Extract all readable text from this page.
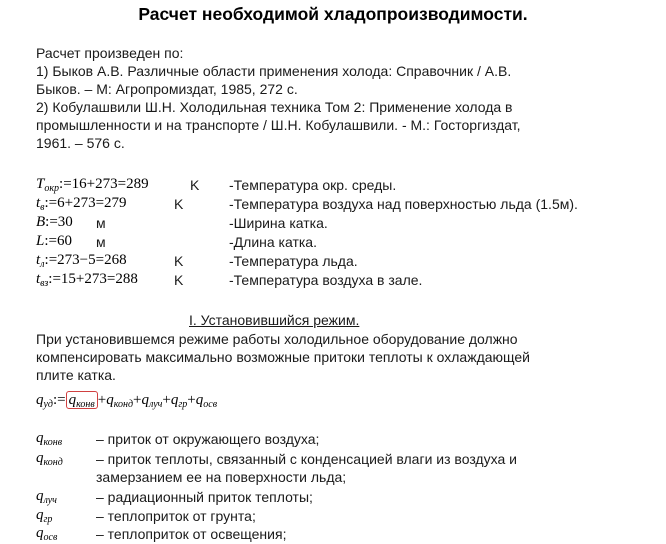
Расчет необходимой хладопроизводимости.
Расчет произведен по:
1) Быков А.В. Различные области применения холода: Справочник / А.В.
Быков. – М: Агропромиздат, 1985, 272 с.
2) Кобулашвили Ш.Н. Холодильная техника Том 2: Применение холода в
промышленности и на транспорте / Ш.Н. Кобулашвили. - М.: Госторгиздат,
1961. – 576 с.
$T_{окр}:=16+273=289$	K -Температура окр. среды.
$t_в:=6+273=279$	K	-Температура воздуха над поверхностью льда (1.5м).
B:=30 м	-Ширина катка.
L:=60 м	-Длина катка.
$t_л:=273-5=268$	K	-Температура льда.
$t_{вз}:=15+273=288$	K	-Температура воздуха в зале.
I. Установившийся режим.
При установившемся режиме работы холодильное оборудование должно
компенсировать максимально возможные притоки теплоты к охлаждающей
плите катка.
$q_{уд}:= q_{конв} +q_{конд}+q_{луч}+q_{гр}+q_{осв}$
$q_{конв}$ – приток от окружающего воздуха;
$q_{конд}$ – приток теплоты, связанный с конденсацией влаги из воздуха и
замерзанием ее на поверхности льда;
$q_{луч}$	– радиационный приток теплоты;
$q_{гр}$	– теплоприток от грунта;
$q_{осв}$	– теплоприток от освещения;
